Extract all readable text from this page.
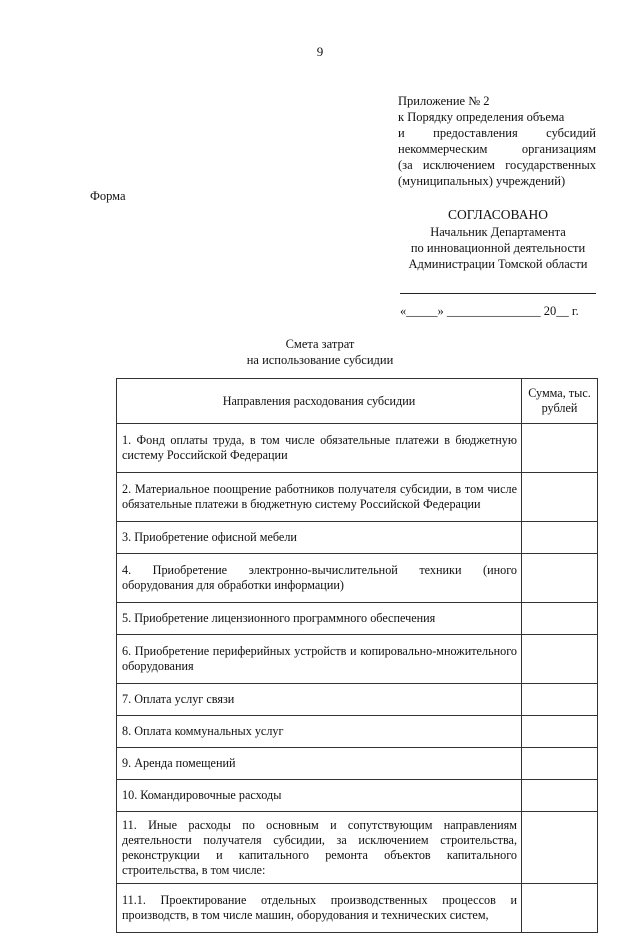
9
Приложение № 2
к Порядку определения объема
и предоставления субсидий
некоммерческим организациям
(за исключением государственных
(муниципальных) учреждений)
Форма
СОГЛАСОВАНО
Начальник Департамента
по инновационной деятельности
Администрации Томской области
«_____» _______________ 20__ г.
Смета затрат
на использование субсидии
Направления расходования субсидии	Сумма, тыс. рублей
1. Фонд оплаты труда, в том числе обязательные платежи в бюджетную систему Российской Федерации	
2. Материальное поощрение работников получателя субсидии, в том числе обязательные платежи в бюджетную систему Российской Федерации	
3. Приобретение офисной мебели	
4. Приобретение электронно-вычислительной техники (иного оборудования для обработки информации)	
5. Приобретение лицензионного программного обеспечения	
6. Приобретение периферийных устройств и копировально-множительного оборудования	
7. Оплата услуг связи	
8. Оплата коммунальных услуг	
9. Аренда помещений	
10. Командировочные расходы	
11. Иные расходы по основным и сопутствующим направлениям деятельности получателя субсидии, за исключением строительства, реконструкции и капитального ремонта объектов капитального строительства, в том числе:	
11.1. Проектирование отдельных производственных процессов и производств, в том числе машин, оборудования и технических систем,	
